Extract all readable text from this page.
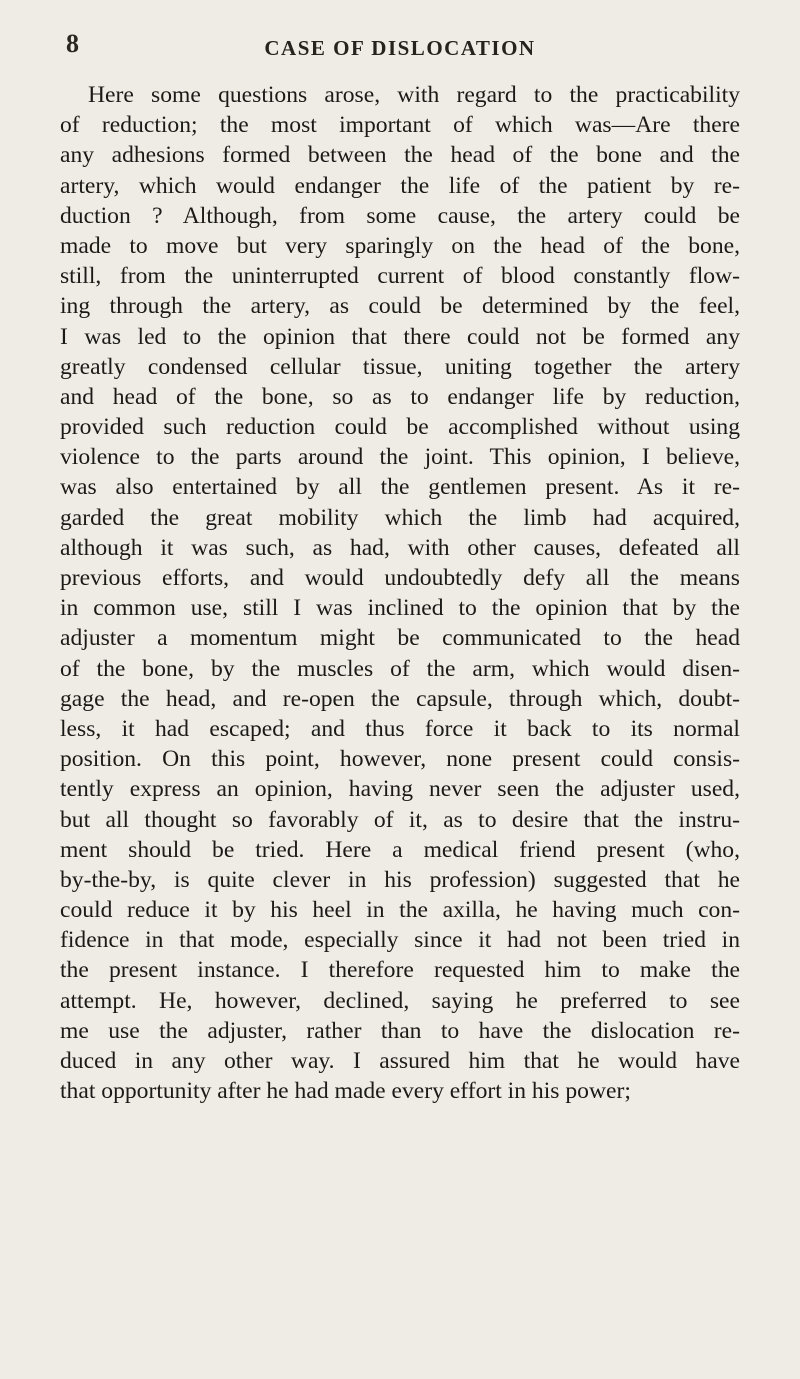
8	CASE OF DISLOCATION
Here some questions arose, with regard to the practicability
of reduction; the most important of which was—Are there
any adhesions formed between the head of the bone and the
artery, which would endanger the life of the patient by re-
duction ? Although, from some cause, the artery could be
made to move but very sparingly on the head of the bone,
still, from the uninterrupted current of blood constantly flow-
ing through the artery, as could be determined by the feel,
I was led to the opinion that there could not be formed any
greatly condensed cellular tissue, uniting together the artery
and head of the bone, so as to endanger life by reduction,
provided such reduction could be accomplished without using
violence to the parts around the joint. This opinion, I believe,
was also entertained by all the gentlemen present. As it re-
garded the great mobility which the limb had acquired,
although it was such, as had, with other causes, defeated all
previous efforts, and would undoubtedly defy all the means
in common use, still I was inclined to the opinion that by the
adjuster a momentum might be communicated to the head
of the bone, by the muscles of the arm, which would disen-
gage the head, and re-open the capsule, through which, doubt-
less, it had escaped; and thus force it back to its normal
position. On this point, however, none present could consis-
tently express an opinion, having never seen the adjuster used,
but all thought so favorably of it, as to desire that the instru-
ment should be tried. Here a medical friend present (who,
by-the-by, is quite clever in his profession) suggested that he
could reduce it by his heel in the axilla, he having much con-
fidence in that mode, especially since it had not been tried in
the present instance. I therefore requested him to make the
attempt. He, however, declined, saying he preferred to see
me use the adjuster, rather than to have the dislocation re-
duced in any other way. I assured him that he would have
that opportunity after he had made every effort in his power;
